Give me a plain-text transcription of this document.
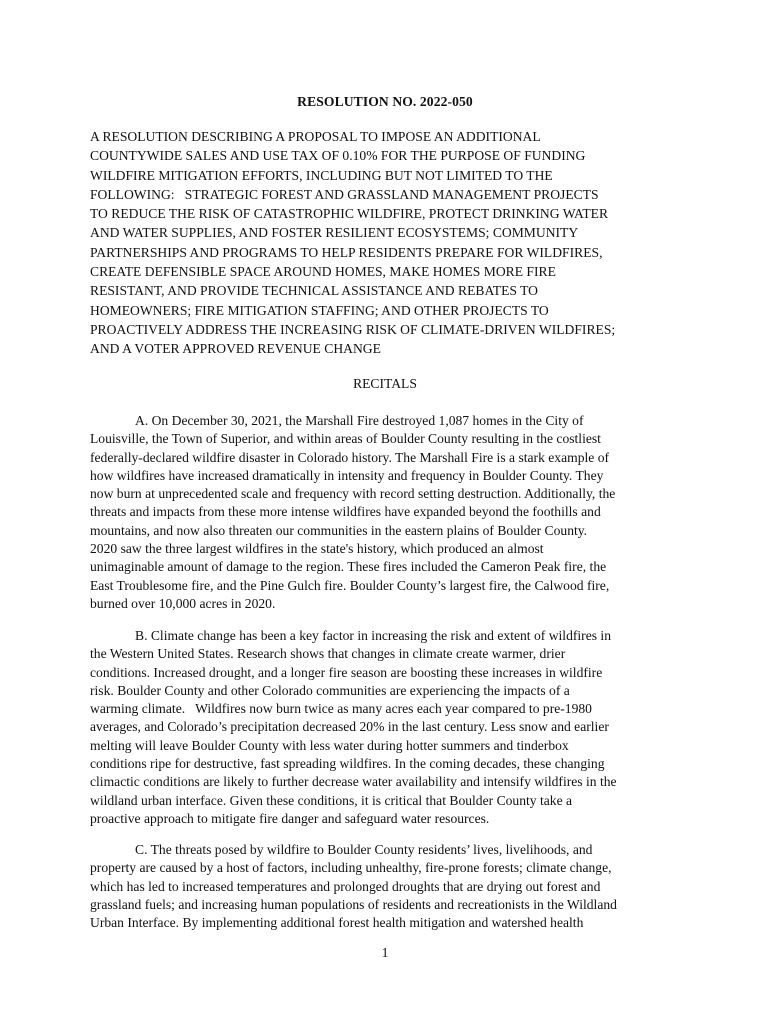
RESOLUTION NO. 2022-050
A RESOLUTION DESCRIBING A PROPOSAL TO IMPOSE AN ADDITIONAL
COUNTYWIDE SALES AND USE TAX OF 0.10% FOR THE PURPOSE OF FUNDING
WILDFIRE MITIGATION EFFORTS, INCLUDING BUT NOT LIMITED TO THE
FOLLOWING:   STRATEGIC FOREST AND GRASSLAND MANAGEMENT PROJECTS
TO REDUCE THE RISK OF CATASTROPHIC WILDFIRE, PROTECT DRINKING WATER
AND WATER SUPPLIES, AND FOSTER RESILIENT ECOSYSTEMS; COMMUNITY
PARTNERSHIPS AND PROGRAMS TO HELP RESIDENTS PREPARE FOR WILDFIRES,
CREATE DEFENSIBLE SPACE AROUND HOMES, MAKE HOMES MORE FIRE
RESISTANT, AND PROVIDE TECHNICAL ASSISTANCE AND REBATES TO
HOMEOWNERS; FIRE MITIGATION STAFFING; AND OTHER PROJECTS TO
PROACTIVELY ADDRESS THE INCREASING RISK OF CLIMATE-DRIVEN WILDFIRES;
AND A VOTER APPROVED REVENUE CHANGE
RECITALS
A. On December 30, 2021, the Marshall Fire destroyed 1,087 homes in the City of
Louisville, the Town of Superior, and within areas of Boulder County resulting in the costliest
federally-declared wildfire disaster in Colorado history. The Marshall Fire is a stark example of
how wildfires have increased dramatically in intensity and frequency in Boulder County. They
now burn at unprecedented scale and frequency with record setting destruction. Additionally, the
threats and impacts from these more intense wildfires have expanded beyond the foothills and
mountains, and now also threaten our communities in the eastern plains of Boulder County.
2020 saw the three largest wildfires in the state's history, which produced an almost
unimaginable amount of damage to the region. These fires included the Cameron Peak fire, the
East Troublesome fire, and the Pine Gulch fire. Boulder County’s largest fire, the Calwood fire,
burned over 10,000 acres in 2020.
B. Climate change has been a key factor in increasing the risk and extent of wildfires in
the Western United States. Research shows that changes in climate create warmer, drier
conditions. Increased drought, and a longer fire season are boosting these increases in wildfire
risk. Boulder County and other Colorado communities are experiencing the impacts of a
warming climate.   Wildfires now burn twice as many acres each year compared to pre-1980
averages, and Colorado’s precipitation decreased 20% in the last century. Less snow and earlier
melting will leave Boulder County with less water during hotter summers and tinderbox
conditions ripe for destructive, fast spreading wildfires. In the coming decades, these changing
climactic conditions are likely to further decrease water availability and intensify wildfires in the
wildland urban interface. Given these conditions, it is critical that Boulder County take a
proactive approach to mitigate fire danger and safeguard water resources.
C. The threats posed by wildfire to Boulder County residents’ lives, livelihoods, and
property are caused by a host of factors, including unhealthy, fire-prone forests; climate change,
which has led to increased temperatures and prolonged droughts that are drying out forest and
grassland fuels; and increasing human populations of residents and recreationists in the Wildland
Urban Interface. By implementing additional forest health mitigation and watershed health
1
